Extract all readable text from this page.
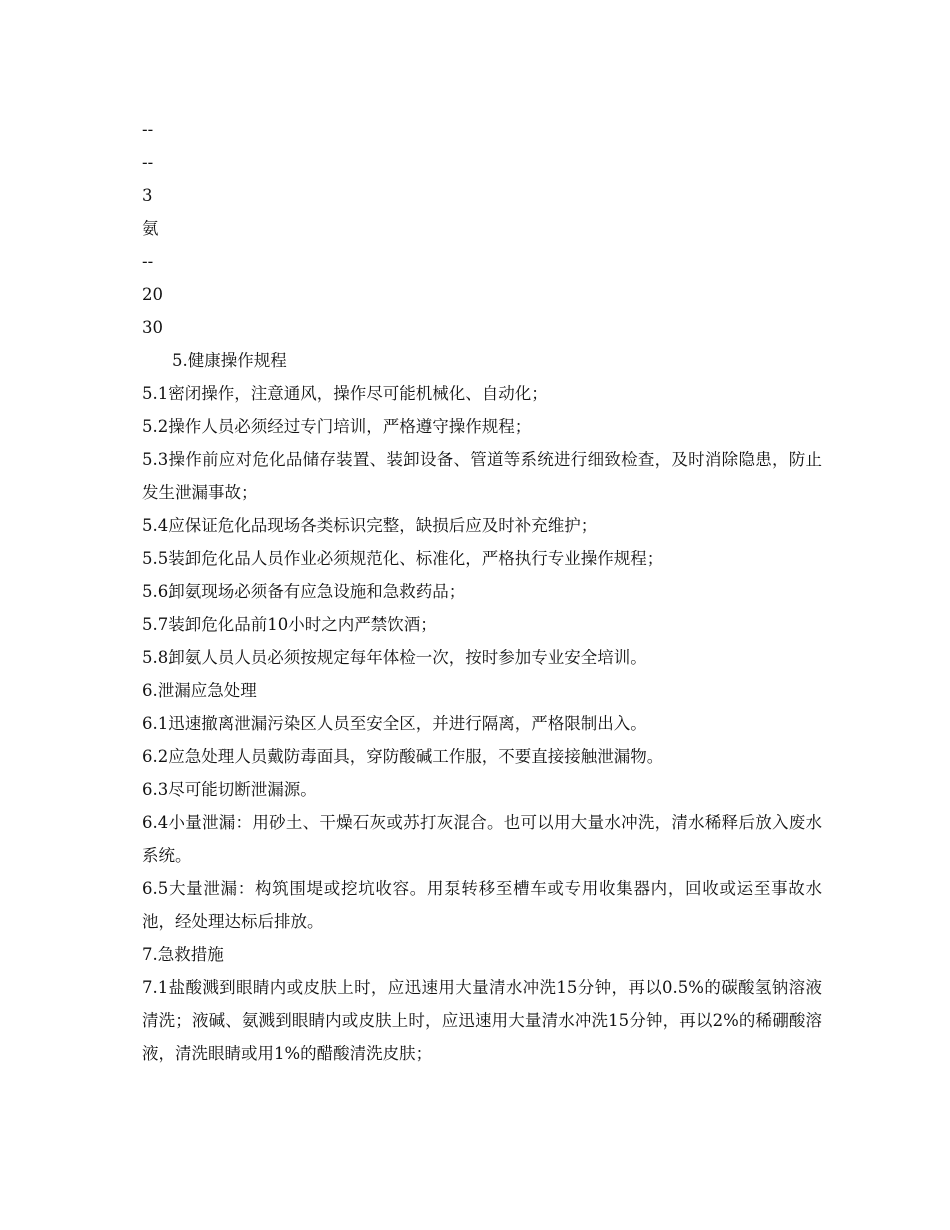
--
--
3
氨
--
20
30
5.健康操作规程
5.1密闭操作，注意通风，操作尽可能机械化、自动化；
5.2操作人员必须经过专门培训，严格遵守操作规程；
5.3操作前应对危化品储存装置、装卸设备、管道等系统进行细致检查，及时消除隐患，防止发生泄漏事故；
5.4应保证危化品现场各类标识完整，缺损后应及时补充维护；
5.5装卸危化品人员作业必须规范化、标准化，严格执行专业操作规程；
5.6卸氨现场必须备有应急设施和急救药品；
5.7装卸危化品前10小时之内严禁饮酒；
5.8卸氨人员人员必须按规定每年体检一次，按时参加专业安全培训。
6.泄漏应急处理
6.1迅速撤离泄漏污染区人员至安全区，并进行隔离，严格限制出入。
6.2应急处理人员戴防毒面具，穿防酸碱工作服，不要直接接触泄漏物。
6.3尽可能切断泄漏源。
6.4小量泄漏：用砂土、干燥石灰或苏打灰混合。也可以用大量水冲洗，清水稀释后放入废水系统。
6.5大量泄漏：构筑围堤或挖坑收容。用泵转移至槽车或专用收集器内，回收或运至事故水池，经处理达标后排放。
7.急救措施
7.1盐酸溅到眼睛内或皮肤上时，应迅速用大量清水冲洗15分钟，再以0.5%的碳酸氢钠溶液清洗；液碱、氨溅到眼睛内或皮肤上时，应迅速用大量清水冲洗15分钟，再以2%的稀硼酸溶液，清洗眼睛或用1%的醋酸清洗皮肤；
